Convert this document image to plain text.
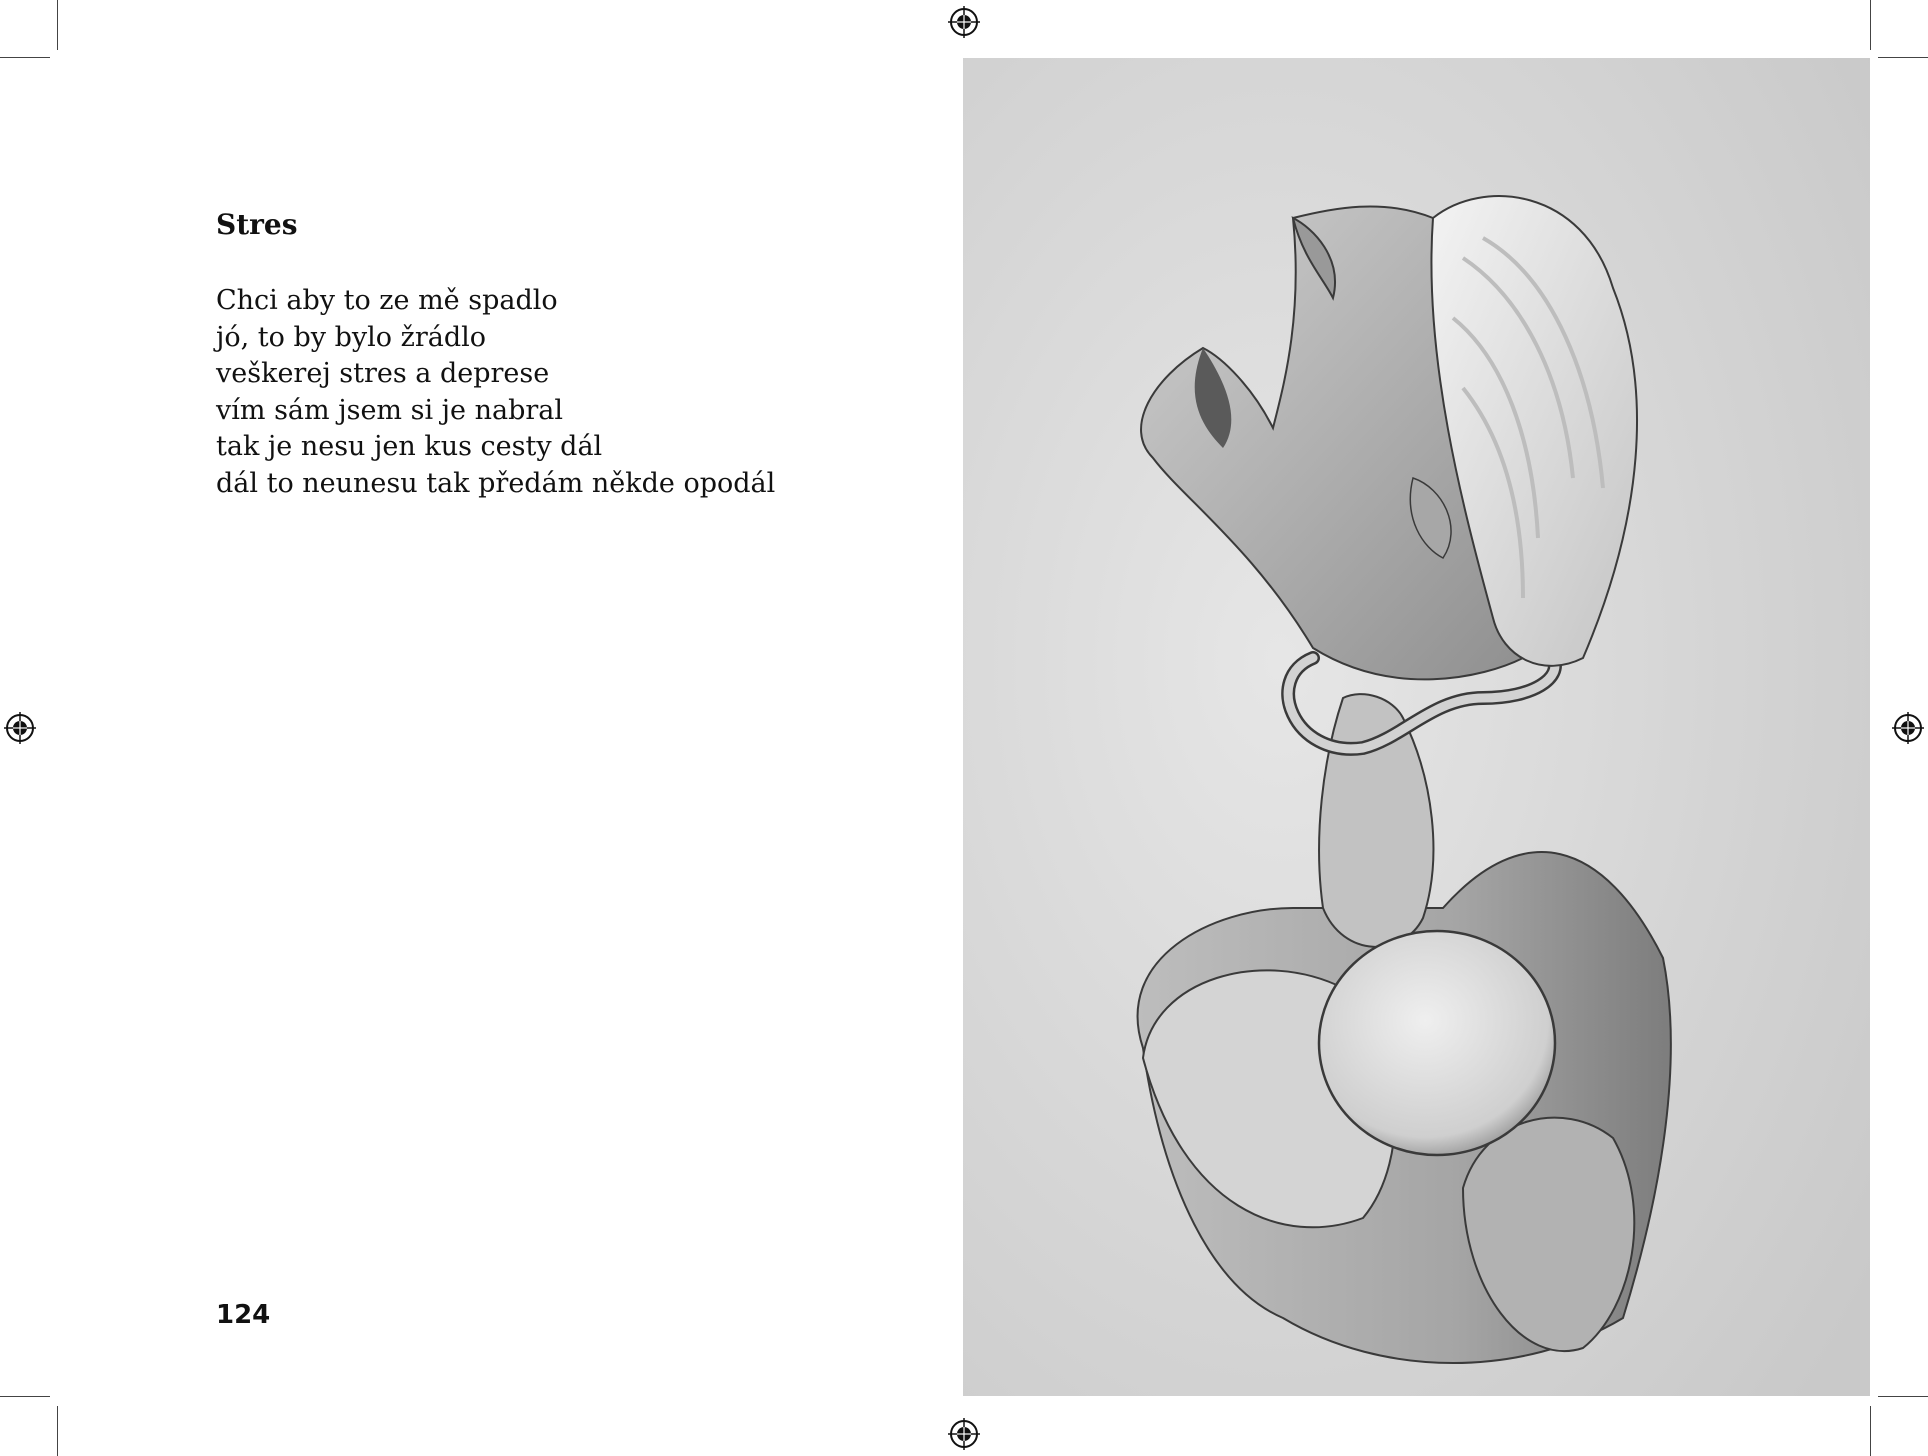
Stres
Chci aby to ze mě spadlo
jó, to by bylo žrádlo
veškerej stres a deprese
vím sám jsem si je nabral
tak je nesu jen kus cesty dál
dál to neunesu tak předám někde opodál
124
